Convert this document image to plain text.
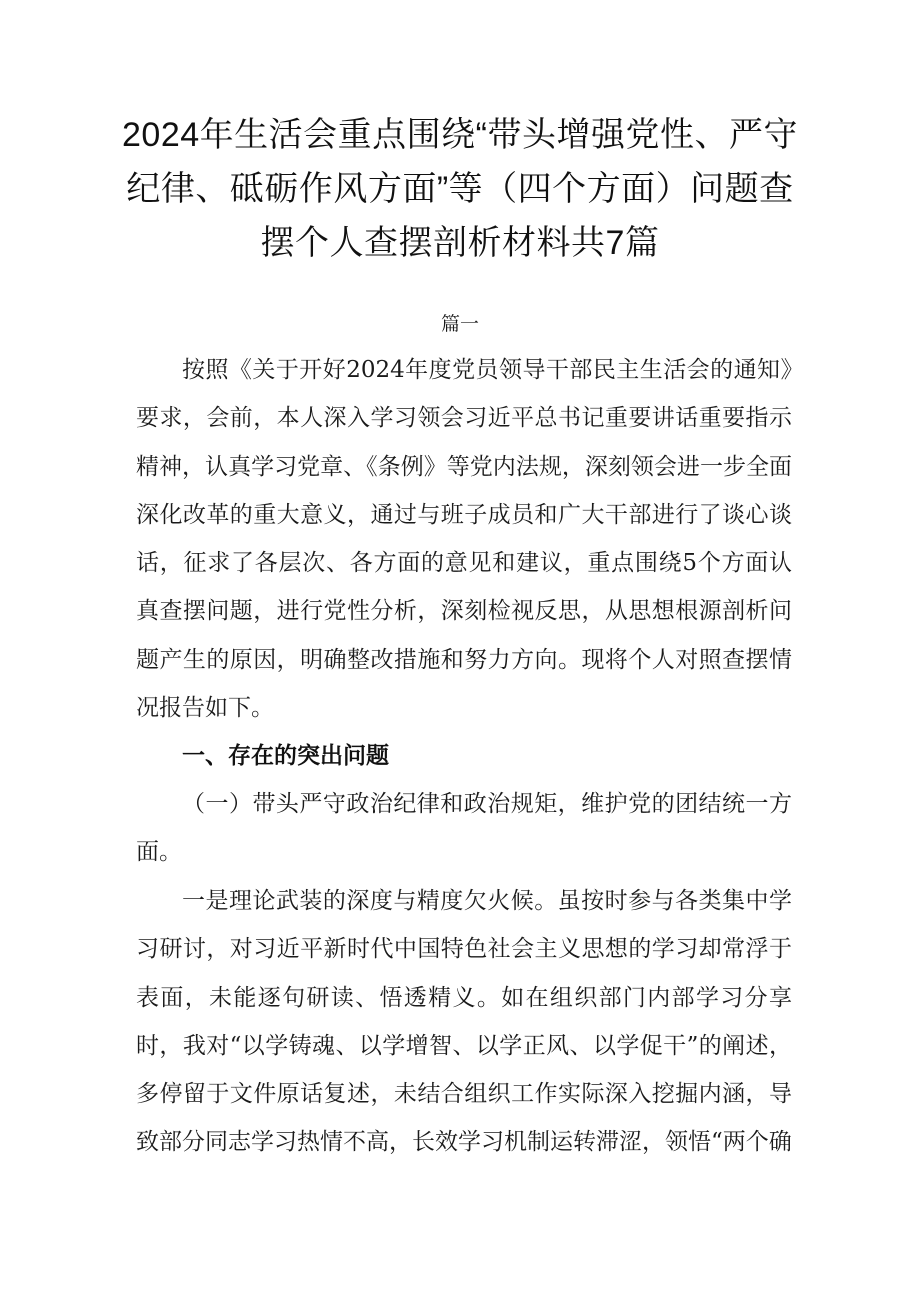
2024年生活会重点围绕“带头增强党性、严守纪律、砥砺作风方面”等（四个方面）问题查摆个人查摆剖析材料共7篇
篇一

按照《关于开好2024年度党员领导干部民主生活会的通知》要求，会前，本人深入学习领会习近平总书记重要讲话重要指示精神，认真学习党章、《条例》等党内法规，深刻领会进一步全面深化改革的重大意义，通过与班子成员和广大干部进行了谈心谈话，征求了各层次、各方面的意见和建议，重点围绕5个方面认真查摆问题，进行党性分析，深刻检视反思，从思想根源剖析问题产生的原因，明确整改措施和努力方向。现将个人对照查摆情况报告如下。

一、存在的突出问题

（一）带头严守政治纪律和政治规矩，维护党的团结统一方面。

一是理论武装的深度与精度欠火候。虽按时参与各类集中学习研讨，对习近平新时代中国特色社会主义思想的学习却常浮于表面，未能逐句研读、悟透精义。如在组织部门内部学习分享时，我对“以学铸魂、以学增智、以学正风、以学促干”的阐述，多停留于文件原话复述，未结合组织工作实际深入挖掘内涵，导致部分同志学习热情不高，长效学习机制运转滞涩，领悟“两个确
